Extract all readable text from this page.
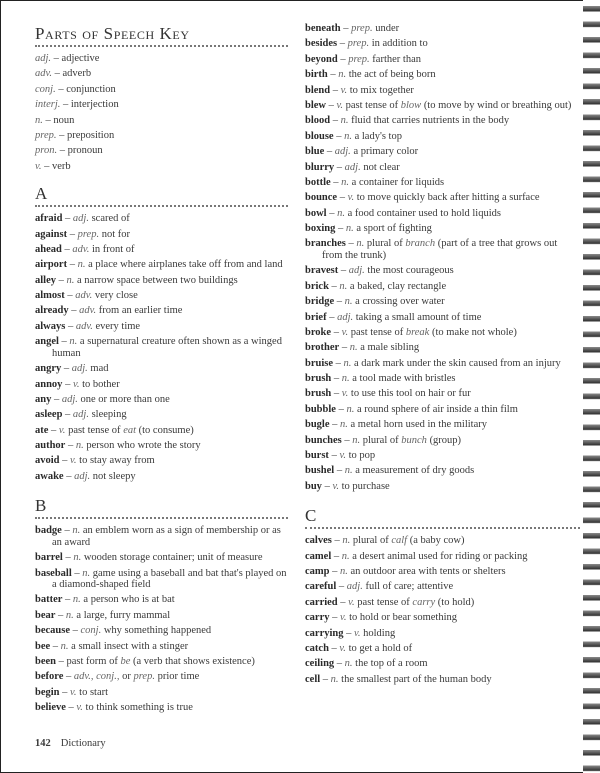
Parts of Speech Key
adj. – adjective
adv. – adverb
conj. – conjunction
interj. – interjection
n. – noun
prep. – preposition
pron. – pronoun
v. – verb
A
afraid – adj. scared of
against – prep. not for
ahead – adv. in front of
airport – n. a place where airplanes take off from and land
alley – n. a narrow space between two buildings
almost – adv. very close
already – adv. from an earlier time
always – adv. every time
angel – n. a supernatural creature often shown as a winged human
angry – adj. mad
annoy – v. to bother
any – adj. one or more than one
asleep – adj. sleeping
ate – v. past tense of eat (to consume)
author – n. person who wrote the story
avoid – v. to stay away from
awake – adj. not sleepy
B
badge – n. an emblem worn as a sign of membership or as an award
barrel – n. wooden storage container; unit of measure
baseball – n. game using a baseball and bat that's played on a diamond-shaped field
batter – n. a person who is at bat
bear – n. a large, furry mammal
because – conj. why something happened
bee – n. a small insect with a stinger
been – past form of be (a verb that shows existence)
before – adv., conj., or prep. prior time
begin – v. to start
believe – v. to think something is true
beneath – prep. under
besides – prep. in addition to
beyond – prep. farther than
birth – n. the act of being born
blend – v. to mix together
blew – v. past tense of blow (to move by wind or breathing out)
blood – n. fluid that carries nutrients in the body
blouse – n. a lady's top
blue – adj. a primary color
blurry – adj. not clear
bottle – n. a container for liquids
bounce – v. to move quickly back after hitting a surface
bowl – n. a food container used to hold liquids
boxing – n. a sport of fighting
branches – n. plural of branch (part of a tree that grows out from the trunk)
bravest – adj. the most courageous
brick – n. a baked, clay rectangle
bridge – n. a crossing over water
brief – adj. taking a small amount of time
broke – v. past tense of break (to make not whole)
brother – n. a male sibling
bruise – n. a dark mark under the skin caused from an injury
brush – n. a tool made with bristles
brush – v. to use this tool on hair or fur
bubble – n. a round sphere of air inside a thin film
bugle – n. a metal horn used in the military
bunches – n. plural of bunch (group)
burst – v. to pop
bushel – n. a measurement of dry goods
buy – v. to purchase
C
calves – n. plural of calf (a baby cow)
camel – n. a desert animal used for riding or packing
camp – n. an outdoor area with tents or shelters
careful – adj. full of care; attentive
carried – v. past tense of carry (to hold)
carry – v. to hold or bear something
carrying – v. holding
catch – v. to get a hold of
ceiling – n. the top of a room
cell – n. the smallest part of the human body
142 Dictionary
